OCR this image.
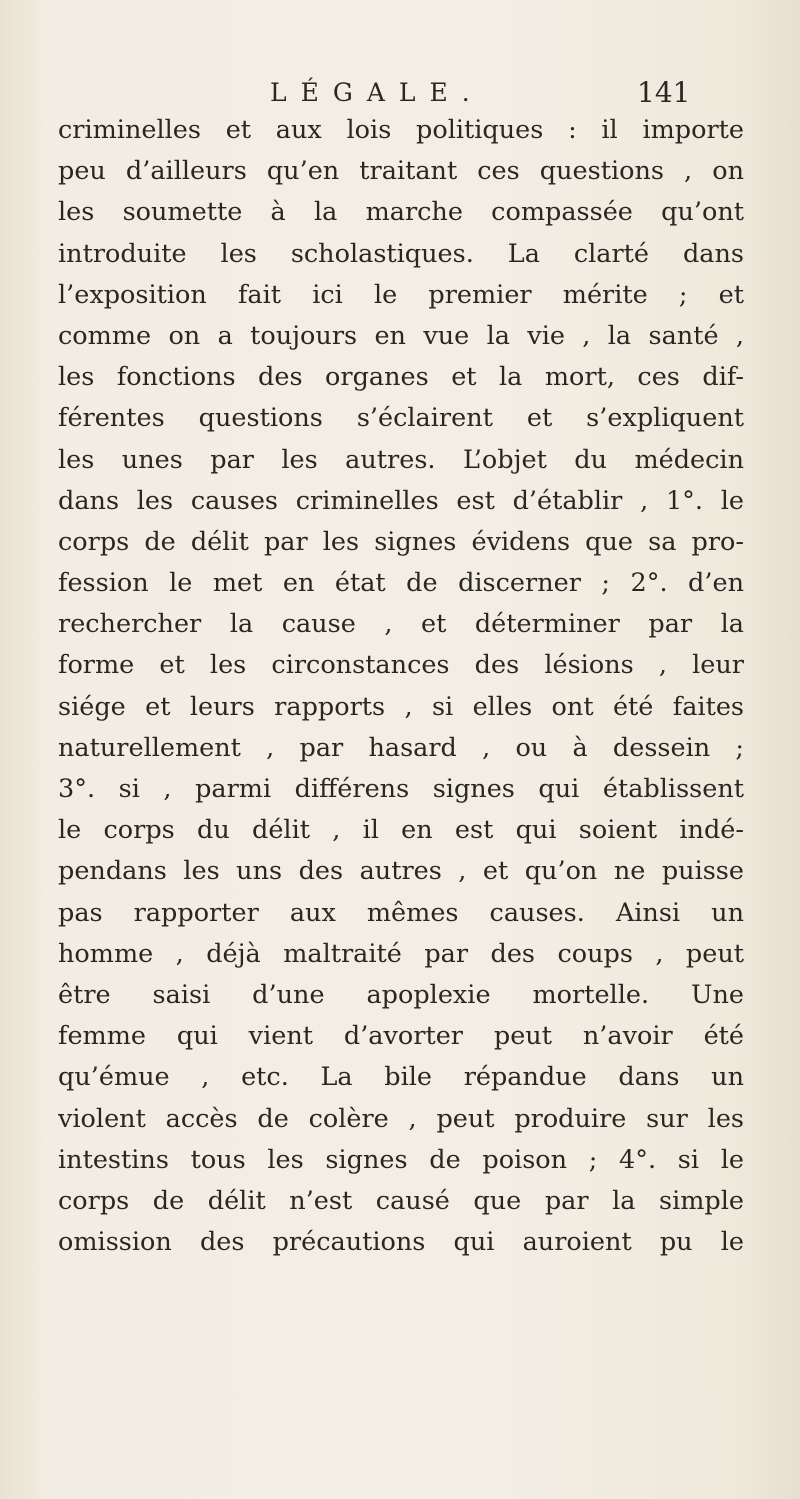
LÉGALE.	141
criminelles et aux lois politiques : il importe
peu d’ailleurs qu’en traitant ces questions , on
les soumette à la marche compassée qu’ont
introduite les scholastiques. La clarté dans
l’exposition fait ici le premier mérite ; et
comme on a toujours en vue la vie , la santé ,
les fonctions des organes et la mort, ces dif-
férentes questions s’éclairent et s’expliquent
les unes par les autres. L’objet du médecin
dans les causes criminelles est d’établir , 1°. le
corps de délit par les signes évidens que sa pro-
fession le met en état de discerner ; 2°. d’en
rechercher la cause , et déterminer par la
forme et les circonstances des lésions , leur
siége et leurs rapports , si elles ont été faites
naturellement , par hasard , ou à dessein ;
3°. si , parmi différens signes qui établissent
le corps du délit , il en est qui soient indé-
pendans les uns des autres , et qu’on ne puisse
pas rapporter aux mêmes causes. Ainsi un
homme , déjà maltraité par des coups , peut
être saisi d’une apoplexie mortelle. Une
femme qui vient d’avorter peut n’avoir été
qu’émue , etc. La bile répandue dans un
violent accès de colère , peut produire sur les
intestins tous les signes de poison ; 4°. si le
corps de délit n’est causé que par la simple
omission des précautions qui auroient pu le
